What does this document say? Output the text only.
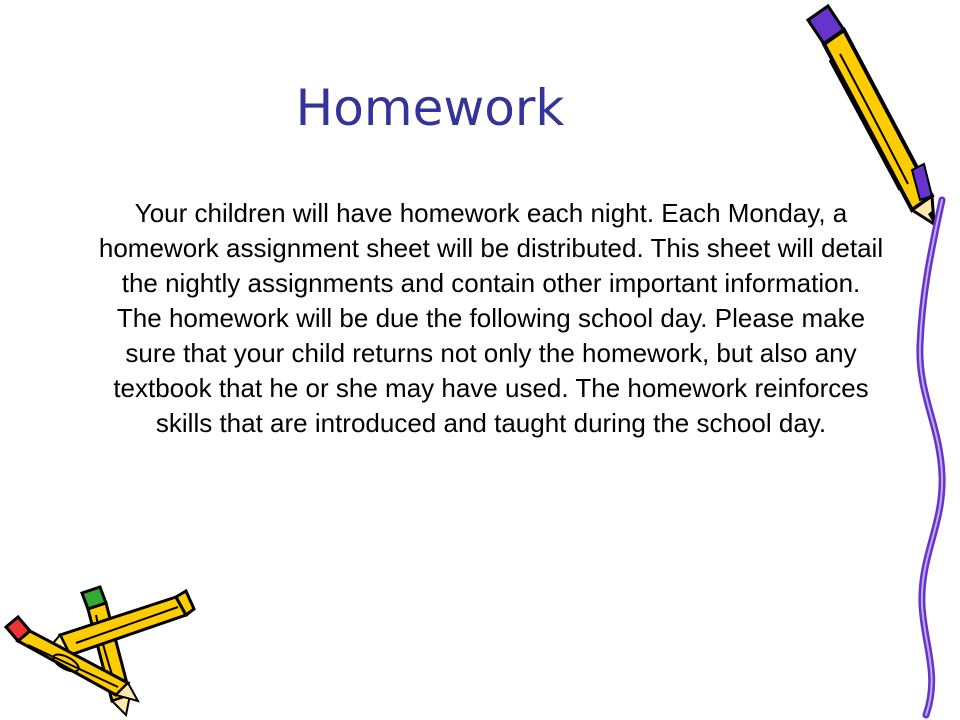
Homework
Your children will have homework each night. Each Monday, a homework assignment sheet will be distributed. This sheet will detail the nightly assignments and contain other important information. The homework will be due the following school day. Please make sure that your child returns not only the homework, but also any textbook that he or she may have used. The homework reinforces skills that are introduced and taught during the school day.
